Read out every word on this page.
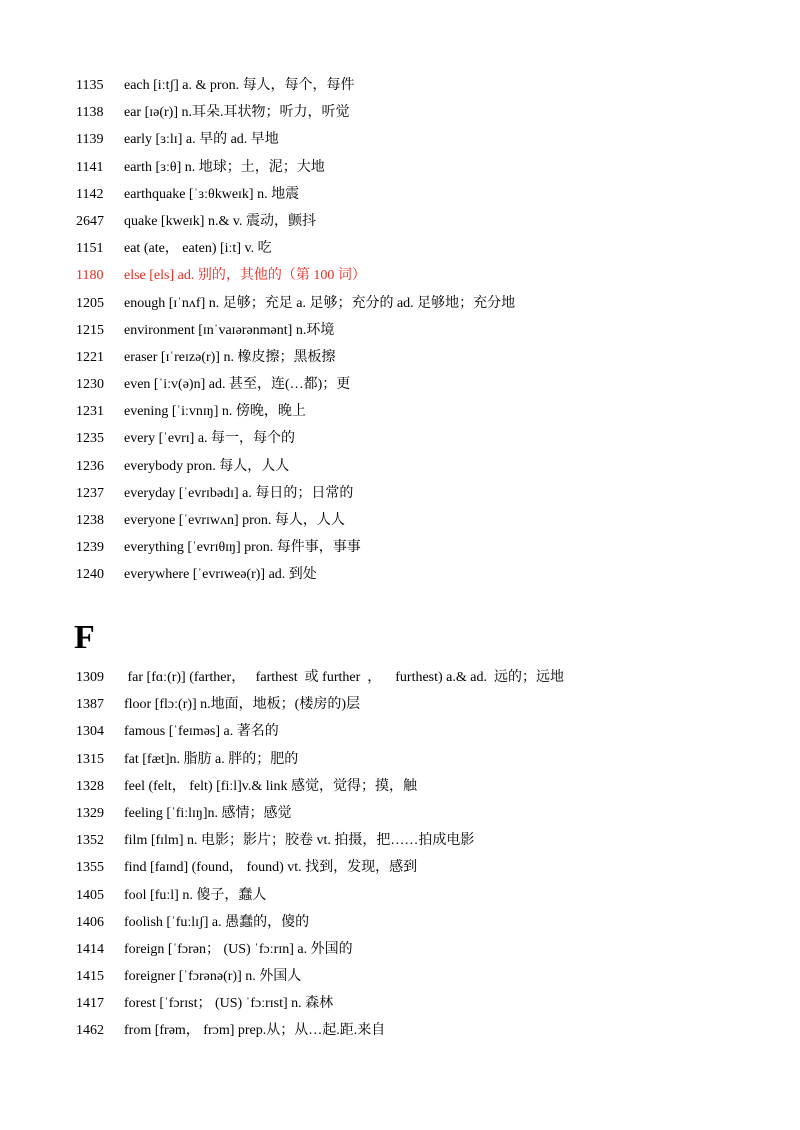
1135	each [iːtʃ] a. & pron. 每人，每个，每件
1138	ear [ɪə(r)] n.耳朵.耳状物；听力，听觉
1139	early [ɜːlɪ] a. 早的 ad. 早地
1141	earth [ɜːθ] n. 地球；土，泥；大地
1142	earthquake [ˈɜːθkweɪk] n. 地震
2647	quake [kweɪk] n.& v. 震动，颤抖
1151	eat (ate， eaten) [iːt] v. 吃
1180	else [els] ad. 别的，其他的（第 100 词）
1205	enough [ɪˈnʌf] n. 足够；充足 a. 足够；充分的 ad. 足够地；充分地
1215	environment [ɪnˈvaɪərənmənt] n.环境
1221	eraser [ɪˈreɪzə(r)] n. 橡皮擦；黑板擦
1230	even [ˈiːv(ə)n] ad. 甚至，连(…都)；更
1231	evening [ˈiːvnɪŋ] n. 傍晚，晚上
1235	every [ˈevrɪ] a. 每一，每个的
1236	everybody pron. 每人，人人
1237	everyday [ˈevrɪbədɪ] a. 每日的；日常的
1238	everyone [ˈevrɪwʌn] pron. 每人，人人
1239	everything [ˈevrɪθɪŋ] pron. 每件事，事事
1240	everywhere [ˈevrɪweə(r)] ad. 到处
F
1309	far [fɑː(r)] (farther，   farthest  或 further  ，    furthest) a.& ad.  远的；远地
1387	floor [flɔː(r)] n.地面，地板；(楼房的)层
1304	famous [ˈfeɪməs] a. 著名的
1315	fat [fæt]n. 脂肪 a. 胖的；肥的
1328	feel (felt， felt) [fiːl]v.& link 感觉，觉得；摸，触
1329	feeling [ˈfiːlɪŋ]n. 感情；感觉
1352	film [fɪlm] n. 电影；影片；胶卷 vt. 拍摄，把……拍成电影
1355	find [faɪnd] (found， found) vt. 找到，发现，感到
1405	fool [fuːl] n. 傻子，蠢人
1406	foolish [ˈfuːlɪʃ] a. 愚蠢的，傻的
1414	foreign [ˈfɔrən； (US) ˈfɔːrɪn] a. 外国的
1415	foreigner [ˈfɔrənə(r)] n. 外国人
1417	forest [ˈfɔrɪst； (US) ˈfɔːrɪst] n. 森林
1462	from [frəm， frɔm] prep.从；从…起.距.来自
